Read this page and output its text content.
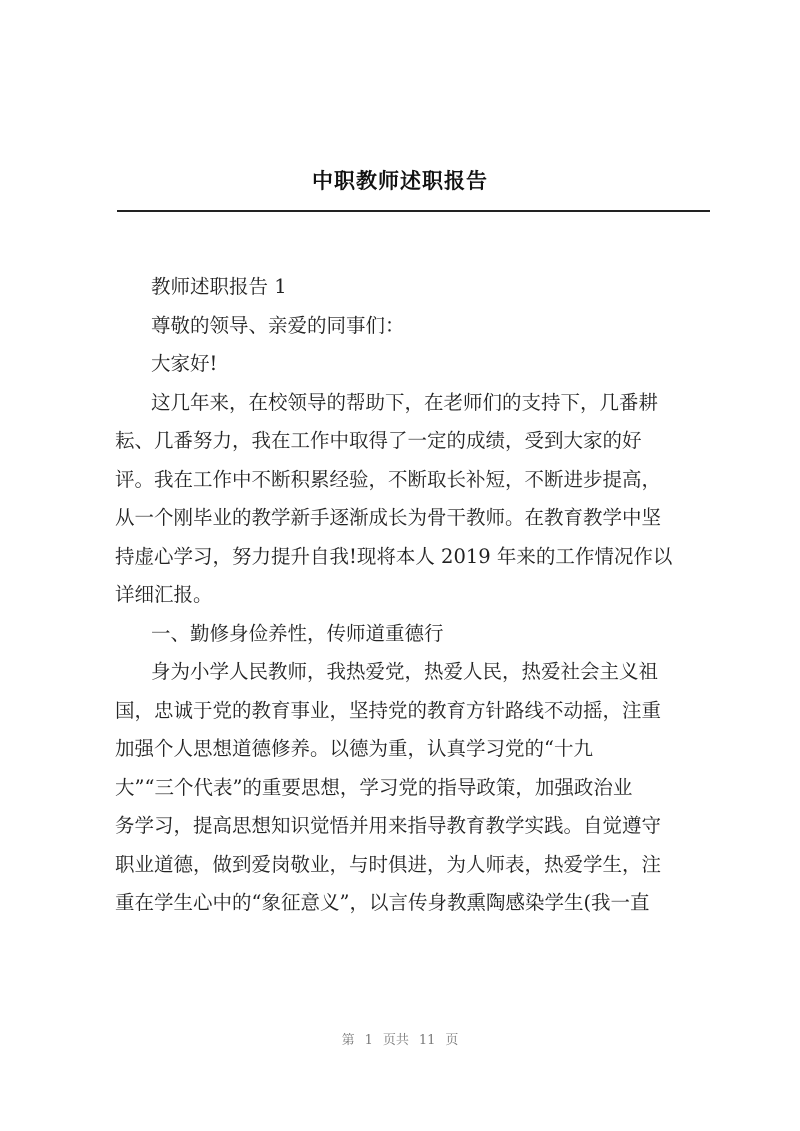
中职教师述职报告

教师述职报告 1

尊敬的领导、亲爱的同事们：

大家好!

这几年来，在校领导的帮助下，在老师们的支持下，几番耕

耘、几番努力，我在工作中取得了一定的成绩，受到大家的好

评。我在工作中不断积累经验，不断取长补短，不断进步提高，

从一个刚毕业的教学新手逐渐成长为骨干教师。在教育教学中坚

持虚心学习，努力提升自我!现将本人 2019 年来的工作情况作以

详细汇报。

一、勤修身俭养性，传师道重德行

身为小学人民教师，我热爱党，热爱人民，热爱社会主义祖

国，忠诚于党的教育事业，坚持党的教育方针路线不动摇，注重

加强个人思想道德修养。以德为重，认真学习党的“十九

大”“三个代表”的重要思想，学习党的指导政策，加强政治业

务学习，提高思想知识觉悟并用来指导教育教学实践。自觉遵守

职业道德，做到爱岗敬业，与时俱进，为人师表，热爱学生，注

重在学生心中的“象征意义”，以言传身教熏陶感染学生(我一直

第 1 页共 11 页
